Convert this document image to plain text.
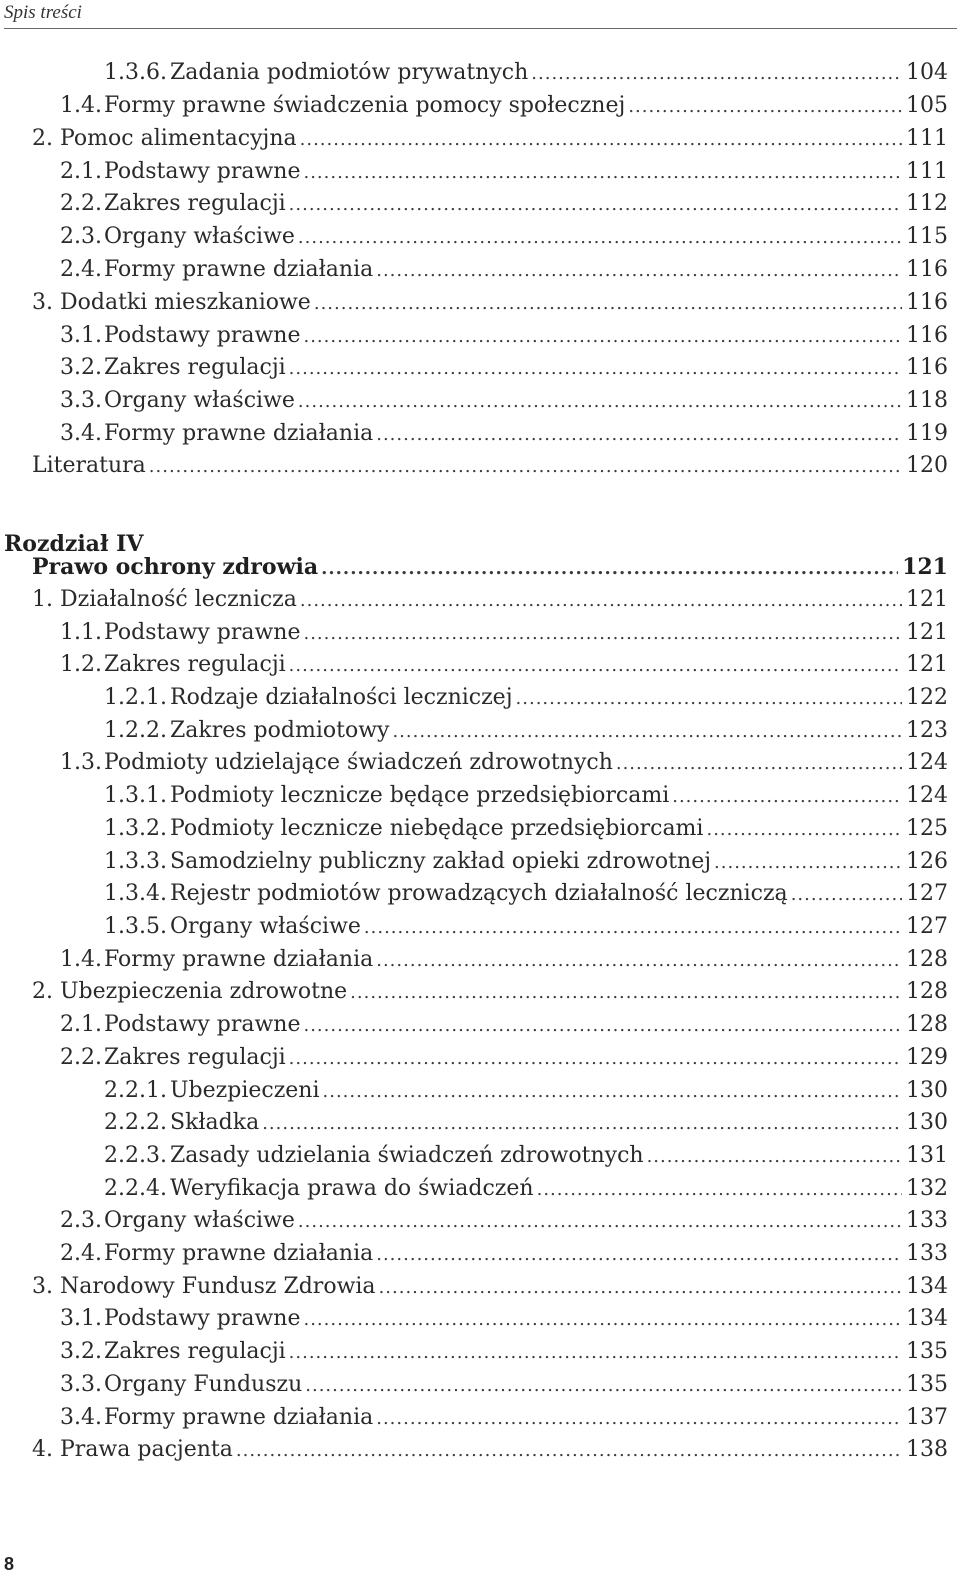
Spis treści
Rozdział IV
1.3.6. Zadania podmiotów prywatnych .....	104
1.4. Formy prawne świadczenia pomocy społecznej .....	105
2. Pomoc alimentacyjna .....	111
2.1. Podstawy prawne .....	111
2.2. Zakres regulacji .....	112
2.3. Organy właściwe .....	115
2.4. Formy prawne działania .....	116
3. Dodatki mieszkaniowe .....	116
3.1. Podstawy prawne .....	116
3.2. Zakres regulacji .....	116
3.3. Organy właściwe .....	118
3.4. Formy prawne działania .....	119
Literatura .....	120
Prawo ochrony zdrowia .....	121
1. Działalność lecznicza .....	121
1.1. Podstawy prawne .....	121
1.2. Zakres regulacji .....	121
1.2.1. Rodzaje działalności leczniczej .....	122
1.2.2. Zakres podmiotowy .....	123
1.3. Podmioty udzielające świadczeń zdrowotnych .....	124
1.3.1. Podmioty lecznicze będące przedsiębiorcami .....	124
1.3.2. Podmioty lecznicze niebędące przedsiębiorcami .....	125
1.3.3. Samodzielny publiczny zakład opieki zdrowotnej .....	126
1.3.4. Rejestr podmiotów prowadzących działalność leczniczą .....	127
1.3.5. Organy właściwe .....	127
1.4. Formy prawne działania .....	128
2. Ubezpieczenia zdrowotne .....	128
2.1. Podstawy prawne .....	128
2.2. Zakres regulacji .....	129
2.2.1. Ubezpieczeni .....	130
2.2.2. Składka .....	130
2.2.3. Zasady udzielania świadczeń zdrowotnych .....	131
2.2.4. Weryfikacja prawa do świadczeń .....	132
2.3. Organy właściwe .....	133
2.4. Formy prawne działania .....	133
3. Narodowy Fundusz Zdrowia .....	134
3.1. Podstawy prawne .....	134
3.2. Zakres regulacji .....	135
3.3. Organy Funduszu .....	135
3.4. Formy prawne działania .....	137
4. Prawa pacjenta .....	138
8
